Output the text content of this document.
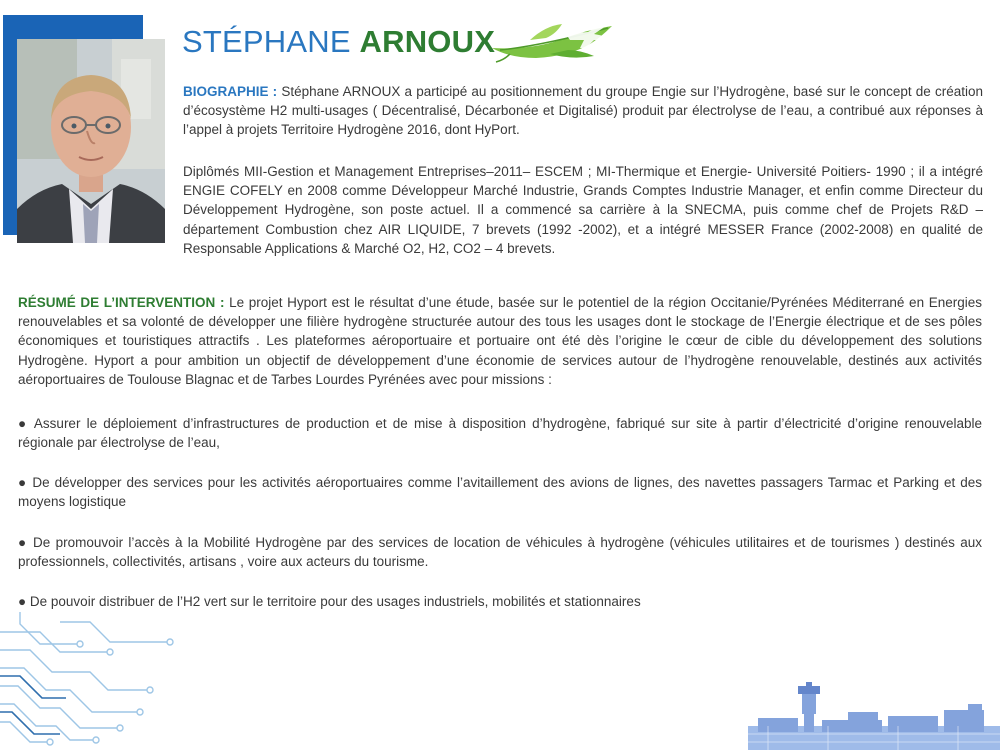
STÉPHANE ARNOUX

BIOGRAPHIE : Stéphane ARNOUX a participé au positionnement du groupe Engie sur l’Hydrogène, basé sur le concept de création d’écosystème H2 multi-usages ( Décentralisé, Décarbonée et Digitalisé) produit par électrolyse de l’eau, a contribué aux réponses à l’appel à projets Territoire Hydrogène 2016, dont HyPort.

Diplômés MII-Gestion et Management Entreprises–2011– ESCEM ; MI-Thermique et Energie- Université Poitiers- 1990 ; il a intégré ENGIE COFELY en 2008 comme Développeur Marché Industrie, Grands Comptes Industrie Manager, et enfin comme Directeur du Développement Hydrogène, son poste actuel. Il a commencé sa carrière à la SNECMA, puis comme chef de Projets R&D – département Combustion chez AIR LIQUIDE, 7 brevets (1992 -2002), et a intégré MESSER France (2002-2008) en qualité de Responsable Applications & Marché O2, H2, CO2 – 4 brevets.

RÉSUMÉ DE L’INTERVENTION : Le projet Hyport est le résultat d’une étude, basée sur le potentiel de la région Occitanie/Pyrénées Méditerrané en Energies renouvelables et sa volonté de développer une filière hydrogène structurée autour des tous les usages dont le stockage de l’Energie électrique et de ses pôles économiques et touristiques attractifs . Les plateformes aéroportuaire et portuaire ont été dès l’origine le cœur de cible du développement des solutions Hydrogène. Hyport a pour ambition un objectif de développement d’une économie de services autour de l’hydrogène renouvelable, destinés aux activités aéroportuaires de Toulouse Blagnac et de Tarbes Lourdes Pyrénées avec pour missions :

● Assurer le déploiement d’infrastructures de production et de mise à disposition d’hydrogène, fabriqué sur site à partir d’électricité d’origine renouvelable régionale par électrolyse de l’eau,

● De développer des services pour les activités aéroportuaires comme l’avitaillement des avions de lignes, des navettes passagers Tarmac et Parking et des moyens logistique

● De promouvoir l’accès à la Mobilité Hydrogène par des services de location de véhicules à hydrogène (véhicules utilitaires et de tourismes ) destinés aux professionnels, collectivités, artisans , voire aux acteurs du tourisme.

● De pouvoir distribuer de l’H2 vert sur le territoire pour des usages industriels, mobilités et stationnaires
